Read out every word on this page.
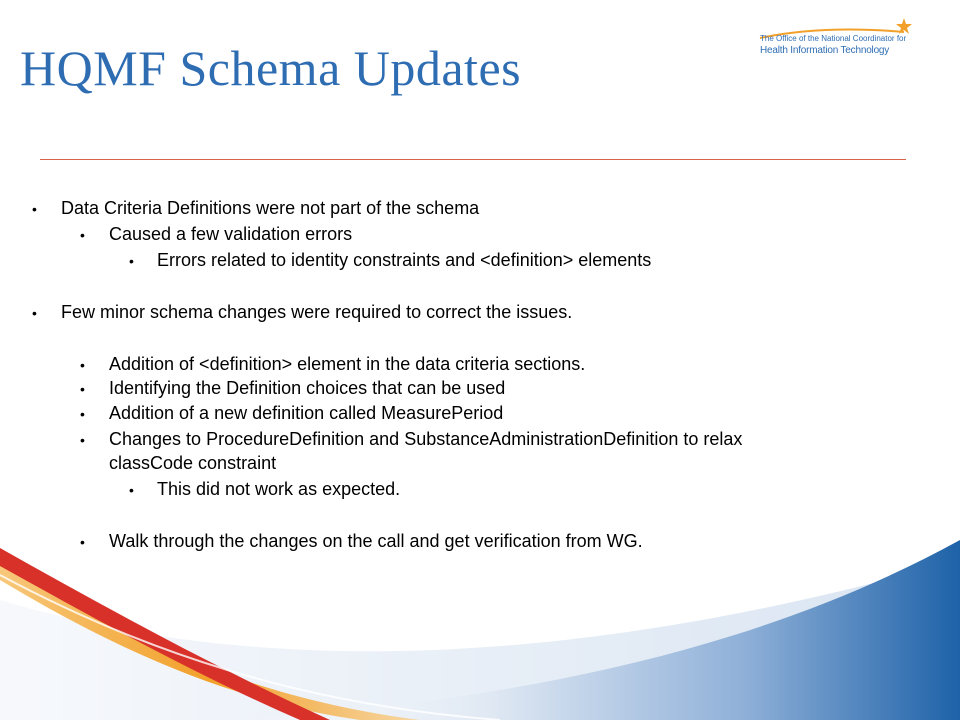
HQMF Schema Updates
The Office of the National Coordinator for
Health Information Technology
• Data Criteria Definitions were not part of the schema
• Caused a few validation errors
• Errors related to identity constraints and <definition> elements
• Few minor schema changes were required to correct the issues.
• Addition of <definition> element in the data criteria sections.
• Identifying the Definition choices that can be used
• Addition of a new definition called MeasurePeriod
• Changes to ProcedureDefinition and SubstanceAdministrationDefinition to relax
classCode constraint
• This did not work as expected.
• Walk through the changes on the call and get verification from WG.
